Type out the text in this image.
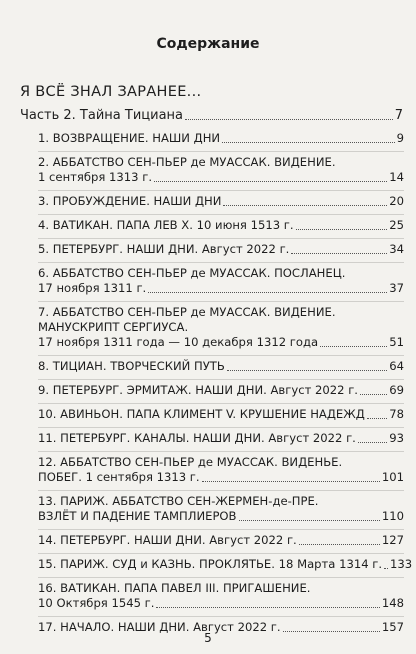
Содержание
Я ВСЁ ЗНАЛ ЗАРАНЕЕ...
Часть 2. Тайна Тициана	7
1. ВОЗВРАЩЕНИЕ. НАШИ ДНИ	9
2. АББАТСТВО СЕН-ПЬЕР де МУАССАК. ВИДЕНИЕ.
1 сентября 1313 г.	14
3. ПРОБУЖДЕНИЕ. НАШИ ДНИ	20
4. ВАТИКАН. ПАПА ЛЕВ X. 10 июня 1513 г.	25
5. ПЕТЕРБУРГ. НАШИ ДНИ. Август 2022 г.	34
6. АББАТСТВО СЕН-ПЬЕР де МУАССАК. ПОСЛАНЕЦ.
17 ноября 1311 г.	37
7. АББАТСТВО СЕН-ПЬЕР де МУАССАК. ВИДЕНИЕ.
МАНУСКРИПТ СЕРГИУСА.
17 ноября 1311 года — 10 декабря 1312 года	51
8. ТИЦИАН. ТВОРЧЕСКИЙ ПУТЬ	64
9. ПЕТЕРБУРГ. ЭРМИТАЖ. НАШИ ДНИ. Август 2022 г.	69
10. АВИНЬОН. ПАПА КЛИМЕНТ V. КРУШЕНИЕ НАДЕЖД 78
11. ПЕТЕРБУРГ. КАНАЛЫ. НАШИ ДНИ. Август 2022 г.	93
12. АББАТСТВО СЕН-ПЬЕР де МУАССАК. ВИДЕНЬЕ.
ПОБЕГ. 1 сентября 1313 г.	101
13. ПАРИЖ. АББАТСТВО СЕН-ЖЕРМЕН-де-ПРЕ.
ВЗЛЁТ И ПАДЕНИЕ ТАМПЛИЕРОВ	110
14. ПЕТЕРБУРГ. НАШИ ДНИ. Август 2022 г.	127
15. ПАРИЖ. СУД и КАЗНЬ. ПРОКЛЯТЬЕ. 18 Марта 1314 г. 133
16. ВАТИКАН. ПАПА ПАВЕЛ III. ПРИГАШЕНИЕ.
10 Октября 1545 г.	148
17. НАЧАЛО. НАШИ ДНИ. Август 2022 г.	157
5
